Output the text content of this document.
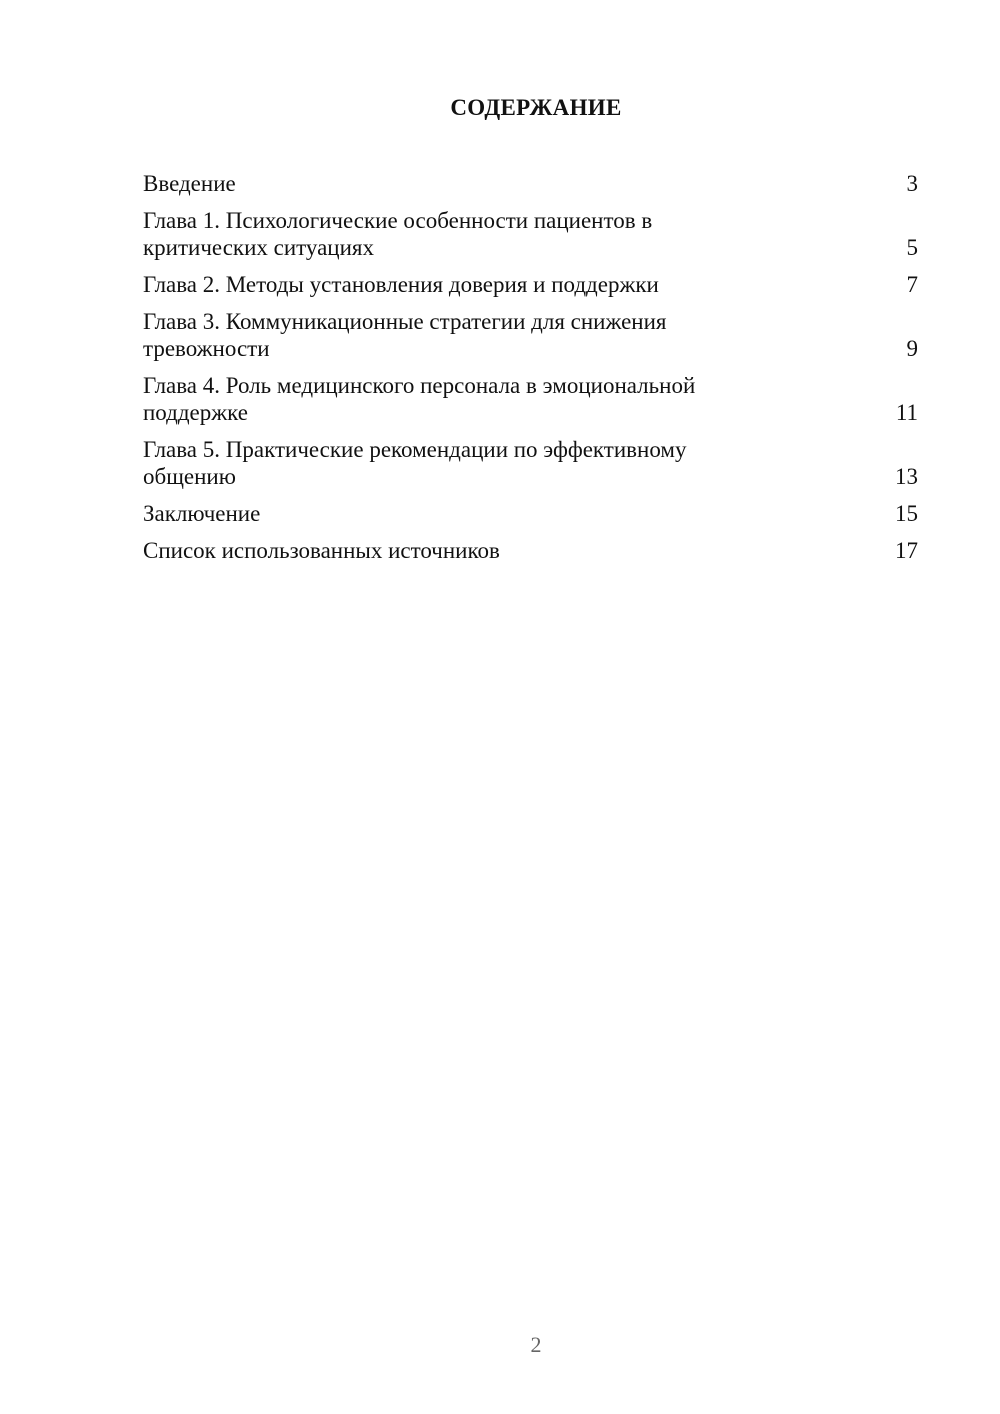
СОДЕРЖАНИЕ
Введение	3
Глава 1. Психологические особенности пациентов в критических ситуациях	5
Глава 2. Методы установления доверия и поддержки	7
Глава 3. Коммуникационные стратегии для снижения тревожности	9
Глава 4. Роль медицинского персонала в эмоциональной поддержке	11
Глава 5. Практические рекомендации по эффективному общению	13
Заключение	15
Список использованных источников	17
2
